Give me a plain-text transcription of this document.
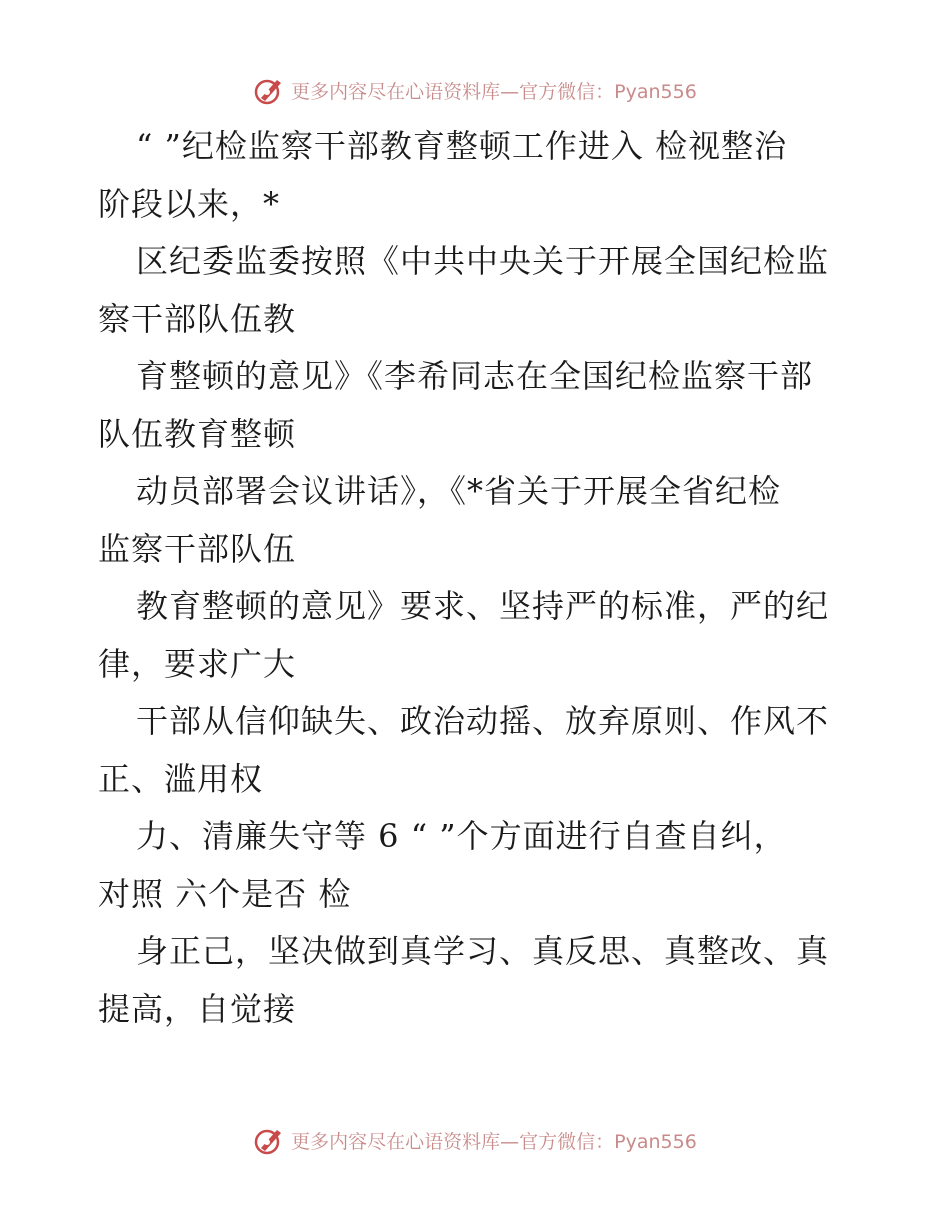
更多内容尽在心语资料库—官方微信：Pyan556
“ ”纪检监察干部教育整顿工作进入 检视整治
阶段以来，*
区纪委监委按照《中共中央关于开展全国纪检监
察干部队伍教
育整顿的意见》《李希同志在全国纪检监察干部
队伍教育整顿
动员部署会议讲话》，《*省关于开展全省纪检
监察干部队伍
教育整顿的意见》要求、坚持严的标准，严的纪
律，要求广大
干部从信仰缺失、政治动摇、放弃原则、作风不
正、滥用权
力、清廉失守等 6 “ ”个方面进行自查自纠，
对照 六个是否 检
身正己，坚决做到真学习、真反思、真整改、真
提高，自觉接
更多内容尽在心语资料库—官方微信：Pyan556
